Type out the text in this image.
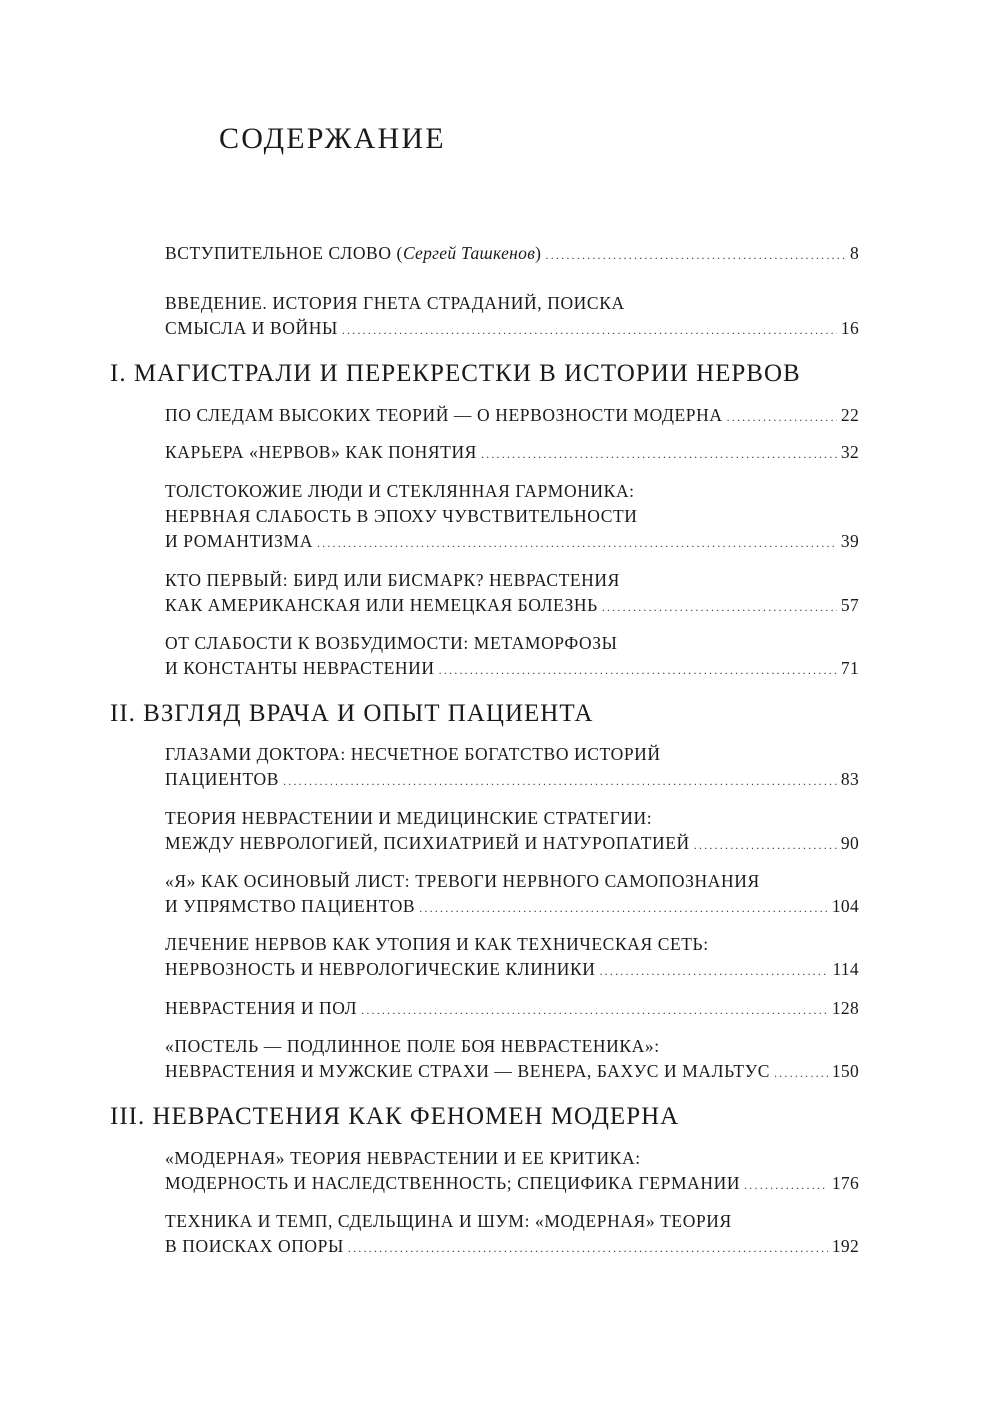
СОДЕРЖАНИЕ
ВСТУПИТЕЛЬНОЕ СЛОВО (Сергей Ташкенов) .....	8
ВВЕДЕНИЕ. ИСТОРИЯ ГНЕТА СТРАДАНИЙ, ПОИСКА
СМЫСЛА И ВОЙНЫ .....	16
I. МАГИСТРАЛИ И ПЕРЕКРЕСТКИ В ИСТОРИИ НЕРВОВ
ПО СЛЕДАМ ВЫСОКИХ ТЕОРИЙ — О НЕРВОЗНОСТИ МОДЕРНА .....	22
КАРЬЕРА «НЕРВОВ» КАК ПОНЯТИЯ .....	32
ТОЛСТОКОЖИЕ ЛЮДИ И СТЕКЛЯННАЯ ГАРМОНИКА:
НЕРВНАЯ СЛАБОСТЬ В ЭПОХУ ЧУВСТВИТЕЛЬНОСТИ
И РОМАНТИЗМА .....	39
КТО ПЕРВЫЙ: БИРД ИЛИ БИСМАРК? НЕВРАСТЕНИЯ
КАК АМЕРИКАНСКАЯ ИЛИ НЕМЕЦКАЯ БОЛЕЗНЬ .....	57
ОТ СЛАБОСТИ К ВОЗБУДИМОСТИ: МЕТАМОРФОЗЫ
И КОНСТАНТЫ НЕВРАСТЕНИИ .....	71
II. ВЗГЛЯД ВРАЧА И ОПЫТ ПАЦИЕНТА
ГЛАЗАМИ ДОКТОРА: НЕСЧЕТНОЕ БОГАТСТВО ИСТОРИЙ
ПАЦИЕНТОВ .....	83
ТЕОРИЯ НЕВРАСТЕНИИ И МЕДИЦИНСКИЕ СТРАТЕГИИ:
МЕЖДУ НЕВРОЛОГИЕЙ, ПСИХИАТРИЕЙ И НАТУРОПАТИЕЙ .....	90
«Я» КАК ОСИНОВЫЙ ЛИСТ: ТРЕВОГИ НЕРВНОГО САМОПОЗНАНИЯ
И УПРЯМСТВО ПАЦИЕНТОВ .....	104
ЛЕЧЕНИЕ НЕРВОВ КАК УТОПИЯ И КАК ТЕХНИЧЕСКАЯ СЕТЬ:
НЕРВОЗНОСТЬ И НЕВРОЛОГИЧЕСКИЕ КЛИНИКИ .....	114
НЕВРАСТЕНИЯ И ПОЛ .....	128
«ПОСТЕЛЬ — ПОДЛИННОЕ ПОЛЕ БОЯ НЕВРАСТЕНИКА»:
НЕВРАСТЕНИЯ И МУЖСКИЕ СТРАХИ — ВЕНЕРА, БАХУС И МАЛЬТУС .....	150
III. НЕВРАСТЕНИЯ КАК ФЕНОМЕН МОДЕРНА
«МОДЕРНАЯ» ТЕОРИЯ НЕВРАСТЕНИИ И ЕЕ КРИТИКА:
МОДЕРНОСТЬ И НАСЛЕДСТВЕННОСТЬ; СПЕЦИФИКА ГЕРМАНИИ .....	176
ТЕХНИКА И ТЕМП, СДЕЛЬЩИНА И ШУМ: «МОДЕРНАЯ» ТЕОРИЯ
В ПОИСКАХ ОПОРЫ .....	192
